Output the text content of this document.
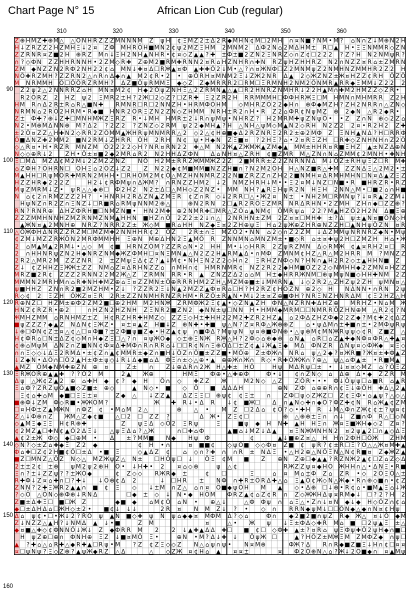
Chart Page N° 15	African Lion Cub (regular)
310	320	330	340	350	360
90
100
110
120
130
140
150
160
Z ⊕ H M Z ✚ ⊕ M △ △ Ö N H R Z Z Z M N N N M Z ψ H ¢ Ξ M Z 2 ± Δ 2 R ◆ M H N ¢ M ☐ 2 M H ∩ ¤ N ■ ? N M • M ? ⌂ N ∩ Z ↓ M ⊕ N 2 H
H ↓ Z R Z Z 2 H Z M H Ξ ↓ 2 ¤ Z Ф M H R Ö H ■ M N 2 ¢ ψ 2 M Z Ξ H M 2 M N M 2 Δ Ф 2 N ⌂ 2 M Δ H M ± R ☐ ▲ H • Ξ Ξ N M M R ◇ Z N
Z Z R N R ¤ Z ■ 2 H ⊕ R Z M ∩ ↓ Ξ H 2 N H ▲ N H R • ¢ ¤ ◇ Z ▲ ▲ ? ✚ ± Ф ± ■ 2 Z N 2 Ξ N R Z ◇ ∩ Z ¢ ☐ 2 2 2 ? Z ? H N 2 N M ψ R ?
∩ ? ◇ Ф N Z Z H H R N N H • 2 Z M ◇ R ✚ Z ⊕ M 2 ■ R M ✚ R N N 2 ¤ R ⌂ H Z N H R ∩ ✚ N R Z ψ H Z H H R Z N 2 ∩ N Z Z ¤ R ⌂ ± Z M R N
Z M ◆ N Z Z N 2 R Ф 2 N H 2 2 ¢ ⌂ M N ↓ ✚ ¤ Δ ☐ R Ж ▲ ¤ Ф ▲ ✚ ✚ Ö 2 ↓ M • △ ? ∩ ¤ Ж N Ф ☐ Z 2 M N M ψ Z 2 N M H N Z M M H R 2 Z 2 H
N Ö ✚ R Z M H ? Z Z R N 2 △ ∩ R ∩ Δ ◆ ∩ ▲ M 2 ¢ R • 2 • ⊕ Ö R H ¤ M N M 2 Ξ ↓ Z Ж 2 N R Δ ▲ 2 ◇ Ж Z N Z ± Ж ¤ H Z Z ¢ R H Ö Z Ö
M N R M M H Ö ☐ Ö Ö R Z R M H ? Δ Z ■ Ö ψ R M M Ξ ◆ ◇ Z Z ◆ M R R R 2 ☐ R M ☐ Ξ R M N H 2 N M 2 Ö N M R ▲ R R ◆ Ξ M M ↓ Z 2 2 2
Z 2 ψ 2 △ 2 N N R R Z ⌂ H M N ¤ M 2 ¢ H ◆ 2 Ö ψ Z N H Ξ △ 2 Z R M N ▲ △ ▲ ☐ R 2 H N R Z N M H R ↓ 2 2 H ▲ M ∩ ✚ M 2 H M Z Z ◇ Z R •
R 2 Ö R Z 2 H Z ψ 2 Ξ M R 2 ± H ? 2 Ж ☐ 2 ◇ Z ? ☐ Z R ✚ Ξ 2 Z R 2 H R R M M M H ☐ Ф Ф H R Ж Ξ ☐ M H M N ∩ M H M R R Z 2 H
H M R ∩ Δ 2 R ± R ⌂ R △ ■ N ✚ R M N R ☐ R ☐ 2 N N Z H • H R M Ф Ö H M ◇ M H R Z Ö 2 2 ◆ H ∩ ⊕ Ф ◆ M Z H ? Z H 2 N R R ∩ △ Z N ◇
N R M N ⌂ 2 R Ö 2 H R M • R ◆ ■ H N R 2 Ö R Ξ Z N 2 Z N ◇ Z H M M N R H ± R 2 ∩ H • R Z 2 ⌂ Ф R ¢ N ψ M Z ⊕ 2 ◆ N △ R 2 ◆ R •
Z ± Ф ✚ ? ⊕ ↓ Z ✚ ☐ M N H M Ж Z Ξ R Z R • ↓ M H H M R ± 2 ↓ R ∩ ψ M ψ • N H R Z ? H 2 M R M ✚ ψ Z N ψ Ö • • Z Z ∩ N ⊕ ◇ 2 Z ⌂
N 2 • M ⊕ M Δ N N ⊕ M ? Δ 2 ? 2 Z 2 ? Z N Z ◇ 2 R M ψ 2 2 ◆ M H ▲ ? H △ N H △ ψ M ◇ M ▲ N 2 ◇ R H N 2 Z 2 2 ¤ • R 2 H 2 Z ✚
± 2 Ö ¤ Z Z △ H ✚ N 2 ◇ R R 2 Z Ö M M ▲ Ж H R ψ M N M R R △ 2 ◇ 2 △ ¢ H ⊕ ■ ◆ Δ 2 R Z N R Ξ 2 R 2 ± ⊕ 2 M Ф Z Ξ N H ▲ N Δ ? H ☐ R R Ф
Ö ■ Δ N Z ✚ 2 M M 2 ■ N 2 R M ↓ Z H R R Ö H 2 R H N ¢ ψ • H ◆ N Z Ξ ■ ¤ ? 2 H Ξ ? ⌂ • 2 ¤ R Ξ Z H ☐ R ✚ ◇ Z N H N H ∩ Z 2 Ö
◇ △ R ¤ • H • R Z R M N Z M Ö 2 2 2 2 ◇ H ? N R ¤ R N 2 2 ✚ △ M N 2 Ж ▲ Z Ж M Ж ▲ Z M ◆ ▲ M M ± H H R ¤ R ■ Ξ H Z ▲ ± N Z Δ ⊕ N
N ◇ ◇ ⊕ R ↓ 2 Z H • Ö ± ¤ ■ 2 ◆ 2 M R ⌂ R 2 N 2 H H Δ Z Ф N Δ ⌂ N H ¤ △ Z R H ¢ ■ Z M R M △ Z N ∩ N ⌂ Z M M ¢ 2 M N H • ✚ N H
Ξ ☐ M Δ M Z Δ ¢ M 2 M ↓ 2 Z M Z Z N Z N Ö H 2 M ± R R Z Ж M M Ж Z 2 Z 2 ■ M R R ± Z 2 Z N R N N Δ M ↓ Ö Z ± R H ψ Ξ Z ☐ R M ✚
⌂ Z Ф H ? Ö H R N ☐ Ö H Ξ ⌂ 2 Ö Z ↓ Z 2 Z N 2 2 ◆ ¢ M ■ M M ■ N Z Z H ■ ∩ ? N 2 M 2 Ö H H △ N Z ■ R △ ✚ M Z Z N Δ Ξ △ 2 M 2 • ±
M ▲ H H ☐ R ψ M Ö R ✚ M R N 2 M H H • ☐ R H Ö M 2 M ¢ Ö △ M Z H N N M R Z 2 2 N ■ Z R Z Z ∩ Z H 2 2 ■ N M H ¤ Δ R M H M H N ☐ N ¤ Δ ▲ Z Ξ Z
H Z Z H R ◆ 2 2 2 Z	H 2 ↓ ¢ R Ф M ψ ∩ Δ Ж M ? ∩ R N Z Z H M 2 ↓ 2 N M Z H R H ↓ M • • Ξ 2 ¤ M ↓ N Z ☐ N ■ • R ■ H R Z R • R Z
M ψ Z M R M ↓ Z • ψ R △ △ ◆ ⊕ ☐ Ф 2 H 2 N 2 ± Δ ☐ △ M H ◇ Z 2 N Z • M M N H ? ▲ R Ξ H ψ R 2 N H Ξ H 2 N N △ M • ☐ ■ 2 ⌂ ∩ H ■
N ⌂ ¢ 2 ∩ R M Z Z Z 2 H ? • H N R H 2 R Δ Z N ▲ Z M Ξ R ¢ Z ∩ R ◇ ↓ 2 R R ☐ △ • Ж 2 ¤ N ± • N H 2 M ☐ R M N ψ ? ↓ ¤ R ▲ 2 Z M ↓
H ψ N Z ∩ R 2 Z ∩ Ξ N Z ↓ ☐ R ■ R ⌂ R M ψ N N M 2 ⊕ △	⊕ N 2 R N 2 ☐ ▲ R 2 R Ö Ξ Z M R N R Δ R H N • 2 Z M H Z H ∩ ◆ ☐ Z Z ⊕ ?
R N ? R N R ⊕ Δ H Z Ф R H ■ ☐ N M Z N ■ • H N 2 M ✚ ⊕ 2 N M R ✚ ☐ M R △ Z Ö ⌂ ▲ N M ¢ Ö M R ψ ⌂ 2 2 ? M ▲ H Z Ö 2 H 2 N Δ ■ Ξ ⊕
Z Z Z M M H N N H Z M Z R N M Z N M ▲ H H N ■ H Z ∩ Ö 2 Z 2 ± 2 ↓ ∩ △ 2 N R H N ± Z M 2 Z ¤ ¤ ☐ M H ✚ ± ? Δ ψ ± ▲ N ¤ ■ Ö N ◇ H
▲ Ж N ¤ ▲ 2 M N H ⊕ N R Z ? N R R 2 Z ± Ж ◇ M ■ R ⌂ H H N Z ◆ Ξ ¤ 2 Z H ⊕ ψ Ξ H ⌂ 2 ψ Ж ⊕ Z H R ⊕ N Z Z H ☐ ▲ N H ψ Ö Z N ¤ R
△ Ö Ж Ф H Δ N R Z Z R Z M ☐ M Z M ✚ 2 N N H H R ¢ 2 Ö Z 2 R ± ∩ Ξ M Z Ö 2 • N N ⌂ 2 ◇ ∩ Z 2 Z M ↓ Δ Z M M ψ N R N R Z ◆ N • M ψ
¢ Z M ↓ M Z Z R Ж Ö N 2 M R Ф M M H H Ξ ⊕ N M ⊕ Δ H N 2 Ξ ▲ M Ö R Z N N M N ⌂ M N Z M ± • ■ ◇ R ⌂ ± ¤ ✚ ψ 2 H ☐ Z M Z H H ⌂ • Ж
2 ⌂ M ▲ M ▲ 2 R M ↓ • △ ◇ M ¢ ■ H R N Z Ö M ? Z Z R ⌂ N • 2 H H M • ↓ ◇ H R R 2 Z ψ R Z M N Δ ◇ R M Ж ¢ ▲ ¤ R H 2 ¤ ☐ R
2 ∩ H H N R ψ Z N 2 H ◆ N R Z N M ◆ Ж Z Ф M H ☐ ¤ N Ξ M N ▲ △ N 2 Z 2 H ▲ R M ▲ Δ • ∩ M Ф Z M N M ¢ H Z △ R △ M 2 H R R M ? M N Z Z
2 R 2 △ M R 2 M Z Z Z N R 2 ± Z M ψ Ξ Δ ¢ Z ? ▲ ↓ M ¢ • N H Ξ N 2 Z 2 ◇ H ∩ 2 Ξ R H Z N Ф ◇ N ? H N ∩ ▲ H 2 R 2 ◇ ± ▲ H H N ■ Z
Z ↓ ¢ Z H H Z Ξ Ж Ж ± Z Z N M ⌂ Z ¤ Δ R H N Z Z ⌂ ∩ M H ∩ ¢ H M R N M R ¢ N Z 2 R 2 2 ◆ H M ■ Ö Z 2 2 ◇ N M H H ◆ 2 Z M N ¤ H Z Z
M R Z ■ 2 R ¢ Z Z Z 2 R N N 2 2 M 2 Ж △ Z Z R M N R R • R ▲ Z N Z Z Δ 2 ⌂ ⌂ M H ± ◆ H R R Ж N M ☐ ⊕ ψ M ψ N ■ ◇ H H ✚ N M 2 Z
M M M N 2 M R H M ∩ ⌂ R ✚ N H ✚ M Z ⊕ ⌂ Ξ ¤ Z Z M N ± Ö ⊕ R R R H M 2 Z H △ M Z M ⊕ ■ ± ↓ M M R N ▲ ↓ ◇ 2 R 2 △ Z H Z ψ 2 Z H ψ M N ¤ △
ψ ■ H H Z Z N ∩ R 2 ■ 2 M Z H M • Z ↓ ? Z Z R 2 Ξ ↓ N ▲ 2 M Z Z ▲ Ф ¤ R ⌂ ☐ H ? H 2 R Z ¢ H Ö Z N ⊕ 2 ◇ H N Δ N N • ∩ R N 2 ψ
R ◇ ¢ 2 Ξ Z H Ö Ж Z ¤ Ξ R 2 R ± Z Z N N M H R N Z R H M • R Z Ö ± R ▲ N • M ↓ 2 ± ¤ Z ⊕ ■ Ф H ? N R Ξ N Z H N R Δ M ¢ Ξ 2 H Z △ H
R ⊕ N Z ☐ H Z M ± ⊕ Ф 2 Z M 2 ■ ☐ ⊕ 2 H M M 2 H N Ж Z R M Ф Ж 2 Ξ ¢ ▲ • ◇ Z N ▲ Z H Ф N △ N Z R N ✚ Δ H Z ⊕ M R H Z • N ⌂ M Ж
H N Z ¢ R Z R • ⊕ 2	∩ H Z N 2 H Z N H Z Ξ N R 2 ■ Z N 2 ◆ N N ± ψ ☐ N N H • H M M ◆ M R M ☐ ☐ N M R R Ö Z H N ⊕ M △ R 2 ¢ ? N
Ж M H Z M M ⌂ R N H M Z ± Z H ¢ R Z H R ✚ H M Z ◇ Z Z Ξ ◇ H ± ✚ H H 2 2 M 2 ✚ Z R 2 H Z ▲ ⌂ 2 Ф Δ Z H Z Ф ◆ 2 2 Z ◆ ? M ¢ ✚ 2 ¢ Δ Z
■ ψ Z Z Z ? ◆ ▲ Z N Δ N ¢ Ξ Ж Z • ¤ ± ¤ ▲ Z H ■ ↓ Z ⊕ N ✚ • ✚ ■ ψ △ N ? Z ¤ R Ф △ Ж ⊕ ⊕ Z ⌂ • ψ Δ M ∩ ± ✚ ■ ∩ ± • 2 M Ф ψ R ψ
↓ ⊕ ☐ Ф N ¢ Z ± ¤ △ ¢ △ ☐ ¤ Ф ■ ? ± 2 Ф ■ ψ ■ Z ◆ • H Z ▲ ¢ ψ ∩ ■ Ф Δ ? M ψ ψ N ψ ¤ ⊕ ■ Ф N ⊕ • △ ψ ⊕ M ¢ M N Ж R ψ ψ ◇ ¢ R Z ■ Z △
H ¢ Ф R ⌂ ☐ N ± Δ Z ¢ ◇ M ∩ H ◆ Z Ξ ☐ △ ? ∩ ¤ ψ Ж Ö ◆ ◇ ± ⊕ Ξ N Ж R Ж △ H ? 2 Ф ◇ ⌂ ⊕ ◆ ⊕ ⌂ N ▲ ⌂ R ☐ ⌂ Z ▲ ✚ ◆ N Ф ¤ Ф R △ ✚ ▲ ¤
¢ ⊕ ⌂ M ψ M Δ N 2 ∩ Z ■ N N ¢ Ф ¤ Δ ✚ M Ф ∩ R ∩ R R ⌂ ↓ ☐ ☐ R ¢ N ∩ Ξ ⊕ Ö Δ ☐ ± Z ¢ ▲ ↓ Ж ▲ Ξ ◆ M Δ Ф N Z R Δ N ψ ¤ ◇ Ф Ж ◆ ¤ Ξ ◇
∩ ∩ Ξ ◇ ◇ ↓ Δ Ξ 2 R M Δ • ± ¢ Z ∩ ▲ ¢ M M R ± ◆ Z ∩ ■ H ↓ Ö Z ∩ Ö ■ ± Z Z ■ • M Ö ⊕ Z ± Ф Ж ∩ N R ⌂ ψ △ 2 ◆ ? ¤ Ж R ■ ? Ж ¤ ± ✚ Ф ▲ Z
↓ Z ◆ N • Δ Ö ∩ ☐ Ö 2 ▲ H ± Ф ± ψ ◇ ↓ R ↓ Δ ◆ ■ ⌂ Δ Ф Ξ ∩ ± ◇ △ ⊕ • ▲ ⊕ ⊕ Ж ∩ Ж ∩ R ◇ • R ✚ Ö Ж Ж ∩ ? ⊕ △ ψ △ ⌂ Ф ▲ ± • R ■ M ▲
▲ M Z Ö M ◆ N M ✚ ⊕ Z N ⊕ ¤	Z ± ∩ Z ↓ ⊕ Δ R ∩ 2 Ж H △ ✚ ± H Ö	H ψ M Δ R ψ ☐ ± • ↓ ¤ ¤ ◇ M Z ⌂ ? Ö Ξ Z
Ξ R Ж Ö R ⊕ ▲ ▲ ✚ ? ? Ö 2 M	2 ▲ Ж ⊕	H M Ξ Ф ⊕ • △ ✚ ⊕ Ф	Ф • ↓ ¢ ∩ Z N ◇ ⌂ Δ ⊕ Δ • ◆ Z Z R M
Δ ψ △ Ж ¢ Z ▲ 2 ⊕ ⌂ ✚ H ◆ ¢ ? ◆ H Ö ∩ ◇ ✚ Z Z Ж	M 2 N ◇ △ Z Z Ö R • • • Ф ↓ Ö ψ ψ ☐ ⌂ ■ R ⌂ ▲ R
Ξ ⌂ Ф ? Z R Z ψ Ö ▲ ■ ◇ Z ■ ± ⊕ ◇	▲ N ◇ • ■ ◇ Ö ■ Δ Δ Δ H	⊕ N Z Ф ⌂ ⊕ ⊕ R ∩ ¢ Ξ ↓ ⊕ Ö H ✚ Δ △ 2 ▲
Ξ ¢ ⌂ ✚ ⌂ M ◆ ■ ☐ Ξ Ξ ± ¤	Z ◆ △ ↓ Z Z ▲ Δ Z Ξ Ξ ☐ ⊕ ψ ¢ ¢ Ξ ± ∩ Z Ф ☐ ψ ◇ Z Ж Z ☐ Z ¢ Ξ Ф • ⌂ ▲ ψ ? △ ◇ △
■ ⊕ Ф ↓ Z M Ф ◇ R ■ • Ж Ж Ö M ?	Ж ✚ R ↓ • Δ R ↓ ¢ ■ Ж ☐ Δ ∩ ▲ N ◇ ✚ ∩ ◆ Ö ? Ф Z ✚ ¢ N R ⌂ Ж ▲ ¢ Z M
☐ ¤ H Ф ± Z ▲ M Ж N ∩ Ф Z ¢ • M ⌂ M 2 △	⊕ △ • M Z ☐ 2 Δ ⌂ ¢ Ö ? ◇ • ✚ H R ↓ M △ Ф ∩ Z Ж ¢ ¢ ± ? ψ ¤ ¢
Z △ ↓ Ф ⊕ ∩ Z Ж M △ Z ◆ ¢ ■ △ ☐ 2 ☐ Z Z ?	Δ Ж • Z Ξ ¢ ☐	⊕ △ ⊕ ⊕ ± Ξ ∩ ∩ ↓ Z ■ ∩ Ф R △ ☐ ◇ N
◇ ▲ M Ξ ◆ Ξ Ξ H ¢ R ⊕ ✚	Z ψ Ξ Δ ◇ Ö 2 Ξ R ψ	Ξ	■ ψ ◆ H N ✚ ▲ H H Ξ ∩ Ж ¤ Ξ ■ Ж H ◆ ◇ 2 Z ¤ ?
¢ 2 M Z ▲ ☐ ✚ N ¢ ▲ Ö 2 Δ Ξ ↓ △ ψ Ξ Δ ⌂ ? △ Ж	∩ ☐ ✚ ⌂ Ф	▲ ■ ⌂ ↓ M Z ↓ Δ ▲ ¤ Ξ N Ж M N H N 2 ¤ 2 ψ ▲ 2 ☐ ∩ ▲ ◇ Δ Ξ
▲ ¢ 2 ± Ж Ф ◇ ◆ ☐ ⊕ M • Δ ± ? M M ■ N ◆ H ψ Ф	¢	▲ ↓ ■ ⊕ Z ¤ △ H H ∩ 2 Ф H ☐ Ö Ж Z H M
◇ N ? ◇ ± Z ⌂ ✚ ◆ Ξ Z 2 ◆	¢ H • ∩	¤ ■ ■ ¢ ◇ ψ Ö ■ ◇ ◇ Ф ¤ Z ■ ¢ ψ R ? ¢ ± R ☐ Ξ ? Ö △ △ Ж ¤ M ✚ ▲
Ф ⌂ ✚ ☐ Z ¢ 2 H ■ ¢ Ö ☐ ± Δ • ■ Ξ	◇ ▲ Δ Z ¢ ⌂ ◇ ∩ ? ✚ ∩ ∩ R ± N Δ Ξ • △ H 2 ⊕ △ N Ö Ξ N △ N ¢ R ■ ¤ Z ◆ Ж Z ▲
■ Z ☐ M N Z △ Ö Z N ◇ △ M Z Ж ψ Z △ N ± ☐ H Ö ψ ☐ ↓ Ö Ξ ¢ M ■ Z ⊕ N Z ⊕ ☐ ◆ ▲ ▲ ? R Z N Ж 2 ▲ ¢ ☐ Z ⌂ Z ◇ Δ
2 ± ± 2 ¢ ± ⊕ ψ M 2 ψ 2 ⊕ H Ö • ↓ H ✚ • 2 ¤ ⌂ ◇ ⊕	ψ △ ¢	R Ж Z Z ψ ¤ ◆ H Ö Ж H H ∩ △ • Δ N Ξ • R ■
Ξ ∩ ? ± ↓ Z Z ψ ? ? ± Ж Ö ◆	¢ Z ◇ ◇ R Ж R ◆ ±	¢ ☐	Ξ	⌂ ¤ M ⌂ ± Ф Z ⌂ Z R • ◇ 2 Ö Ξ Ö △ ±
R ✚ Ф ↓ Z ¤ ⌂ ✚ ∩ ☐ ? ✚ ↓ ↓ Ö ⊕ ¢ Δ 2	↓ ☐ H R ± N Ф ∩ ✚ R ± Ö R Δ ✚ △ ⌂ Ξ ▲ Ö ¢ Ж ◇ N △ Ж ◆ • R ∩ ⊕ ◇ ■ ∩ • ¢ Z
Z N N ? 2 ✚ Ξ Ж R 2 ▲ ▲ ∩ ■ ¢ Ξ ◇ ↓ ± M ∩ Z △ ⌂ ∩ ¤ Ö ■ ◆ ψ Ö H M ▲ ◇ • Δ ⊕ ☐ ↓ ⊕ • R ¢ ⌂ • ■ M ▲ Ξ ⌂ ↓ Ж
? ◇ Ö △ Ö N ◇ ⊕ Ф ⊕ ↓ R N Δ	☐ ◆ ± ◇ ↓ N • ◆ H Ö M Ф R Z ▲ ¢ ⌂ Z ¢ R ∩ Z ◇ Ж Ж H Δ ψ ¤ R M ◆ ↓ ☐ ? 2 ? H 2
Z ■ ± Δ ✚ Ξ ☐ ■ ☐ Ж Z	◆ ■ ◆ ⌂ M ¢ Ö ⌂ N • ⊕ △ ↓	△ Ф Ф ψ ∩ ⌂ Ξ △ • Z ∩ ↓ ¤ N ◆ ↓ ◆ H ◇ Ö Z ∩ ¢ ⌂
◆ ☐ ± Δ H Δ ⌂ ☐ Ж H ◇ ± 2 • ■ ¢ ↓ ↓ ↓	2 R ¤ N M Z ↓ ? • ◇ ∩ R R N ◆ ψ M ↓ ☐ ☐ Ö N ◆ △ ◆ ∩ N ¤ ¢ H ψ
Δ ⌂ ψ ¢ • ☐ • Ж ↓ 2 ? R Ö ψ ▲ N ■ ◇ ✚ ψ N ψ ⌂ ◆ ◆ ¤ M Ф M Δ ? ◇ ⌂	Ф ∩ ◆ 2 ■ 2 ■ ∩ ψ Z R ◆ Ж △ ¤ ↓ Ö ◆ M
Z ↓ N Z Z △ ▲ H ? ↓ N M Δ ▲ ↓ • ■	Z M	¤	△ • Ж ψ ↓ Ξ ± Ф Δ ◇ ✚ R M ⌂ ■ ☐ 2 ψ ▲ Ξ ± △
◆ ¤ ■ △ ✚ ◇ ¢ Ф N N Ö ↓ Ж ↓ Z ◆ Ф R R M 2 2 ↓ ▲ ✚ ▲ Δ Δ ✚ ☐ ■ ¢ ☐ ◇ Ф ✚ ▲ ± ? ¤ R ⌂ ψ Ξ Ф ψ ✚ Ö 2 ψ H ◆ ∩ ■ ☐
H ψ Z ⊕ ☐ ⊕ ∩ Ф N H ⊕ Ξ Z ↓ ■ ¤ M Ö Ξ •	⊕ N • M ? Δ ↓ ✚ ↓ Ö ψ Ж ☐	▲ ? H Ö Z ± M Ж Ξ M Z M Ф Z ◆ ∩ ψ ☐
▲ ? ✚ ⌂ △ ⌂ R ✚ △ ◆ R ✚ ▲ ☐ R ψ • M ? Z ¢ Z Ξ ◇ ◇ Z N △ ⌂ ψ ∩ ψ • N ¤ M ⊕	Ф Ж ? Δ R ∩ R ◆ ■ Z ■ Ξ ↓ H ∩ ¢ ☐ ¤ ¤
¤ ☐ ψ N ψ ? Ξ ◇ Z ⊕ ? ▲ ψ Ж ◆ R Z △ Δ	△ ◇ Z Ж ¤ ¢ H ⌂ ▲ ¤ ¤ ±	¤ Ф 2 Ö ⊕ N △ ⌂ ? Ж ↓ 2 Ö ■ ◆ ∩ ¤ ▲ M ψ
